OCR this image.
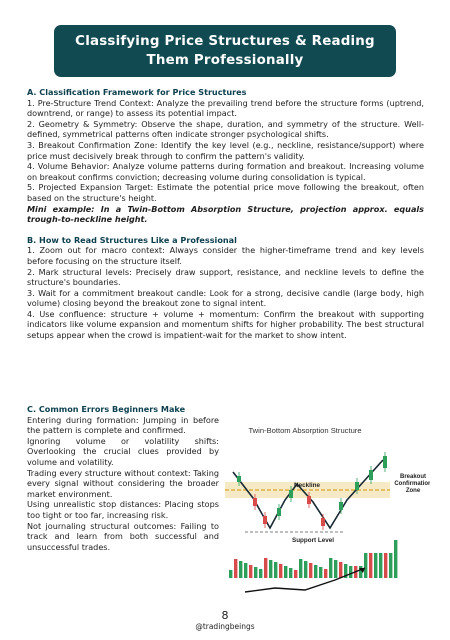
Classifying Price Structures & Reading
Them Professionally

A. Classification Framework for Price Structures

1. Pre-Structure Trend Context: Analyze the prevailing trend before the structure forms (uptrend, downtrend, or range) to assess its potential impact.

2. Geometry & Symmetry: Observe the shape, duration, and symmetry of the structure. Well-defined, symmetrical patterns often indicate stronger psychological shifts.

3. Breakout Confirmation Zone: Identify the key level (e.g., neckline, resistance/support) where price must decisively break through to confirm the pattern's validity.

4. Volume Behavior: Analyze volume patterns during formation and breakout. Increasing volume on breakout confirms conviction; decreasing volume during consolidation is typical.

5. Projected Expansion Target: Estimate the potential price move following the breakout, often based on the structure's height.

Mini example: In a Twin-Bottom Absorption Structure, projection approx. equals trough-to-neckline height.

B. How to Read Structures Like a Professional

1. Zoom out for macro context: Always consider the higher-timeframe trend and key levels before focusing on the structure itself.

2. Mark structural levels: Precisely draw support, resistance, and neckline levels to define the structure's boundaries.

3. Wait for a commitment breakout candle: Look for a strong, decisive candle (large body, high volume) closing beyond the breakout zone to signal intent.

4. Use confluence: structure + volume + momentum: Confirm the breakout with supporting indicators like volume expansion and momentum shifts for higher probability. The best structural setups appear when the crowd is impatient-wait for the market to show intent.

C. Common Errors Beginners Make

Entering during formation: Jumping in before the pattern is complete and confirmed.

Ignoring volume or volatility shifts: Overlooking the crucial clues provided by volume and volatility.

Trading every structure without context: Taking every signal without considering the broader market environment.

Using unrealistic stop distances: Placing stops too tight or too far, increasing risk.

Not journaling structural outcomes: Failing to track and learn from both successful and unsuccessful trades.

Twin-Bottom Absorption Structure
Neckline
Support Level
Breakout
Confirmation
Zone
8
@tradingbeings
